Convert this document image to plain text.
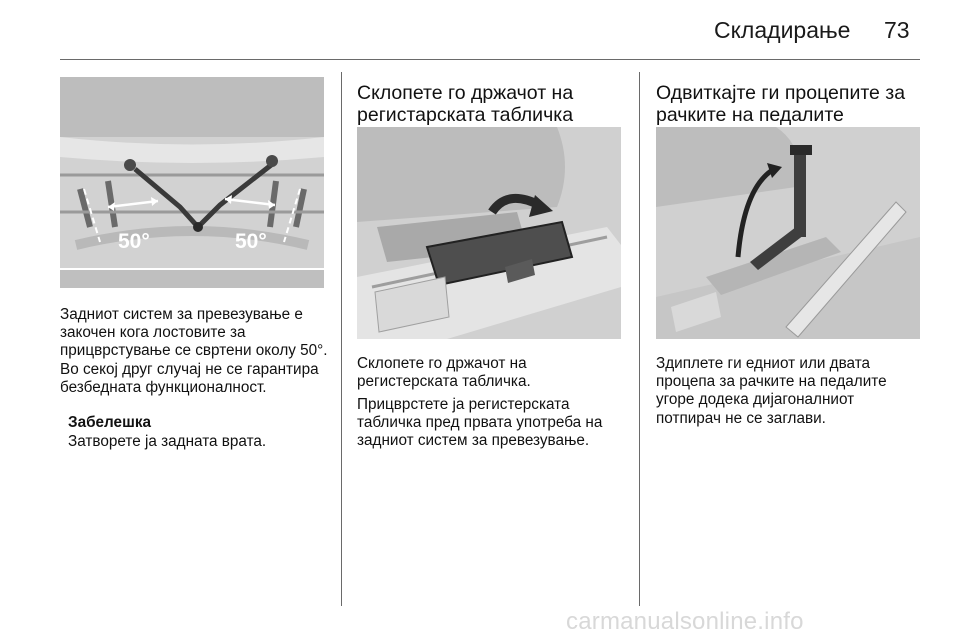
Складирање 73
50°	50°

Задниот систем за превезување е закочен кога лостовите за прицврстување се свртени околу 50°. Во секој друг случај не се гарантира безбедната функционалност.

Забелешка

Затворете ја задната врата.

Склопете го држачот на регистарската табличка

Склопете го држачот на регистерската табличка.

Прицврстете ја регистерската табличка пред првата употреба на задниот систем за превезување.

Одвиткајте ги процепите за рачките на педалите

Здиплете ги едниот или двата процепа за рачките на педалите угоре додека дијагоналниот потпирач не се заглави.

carmanualsonline.info
